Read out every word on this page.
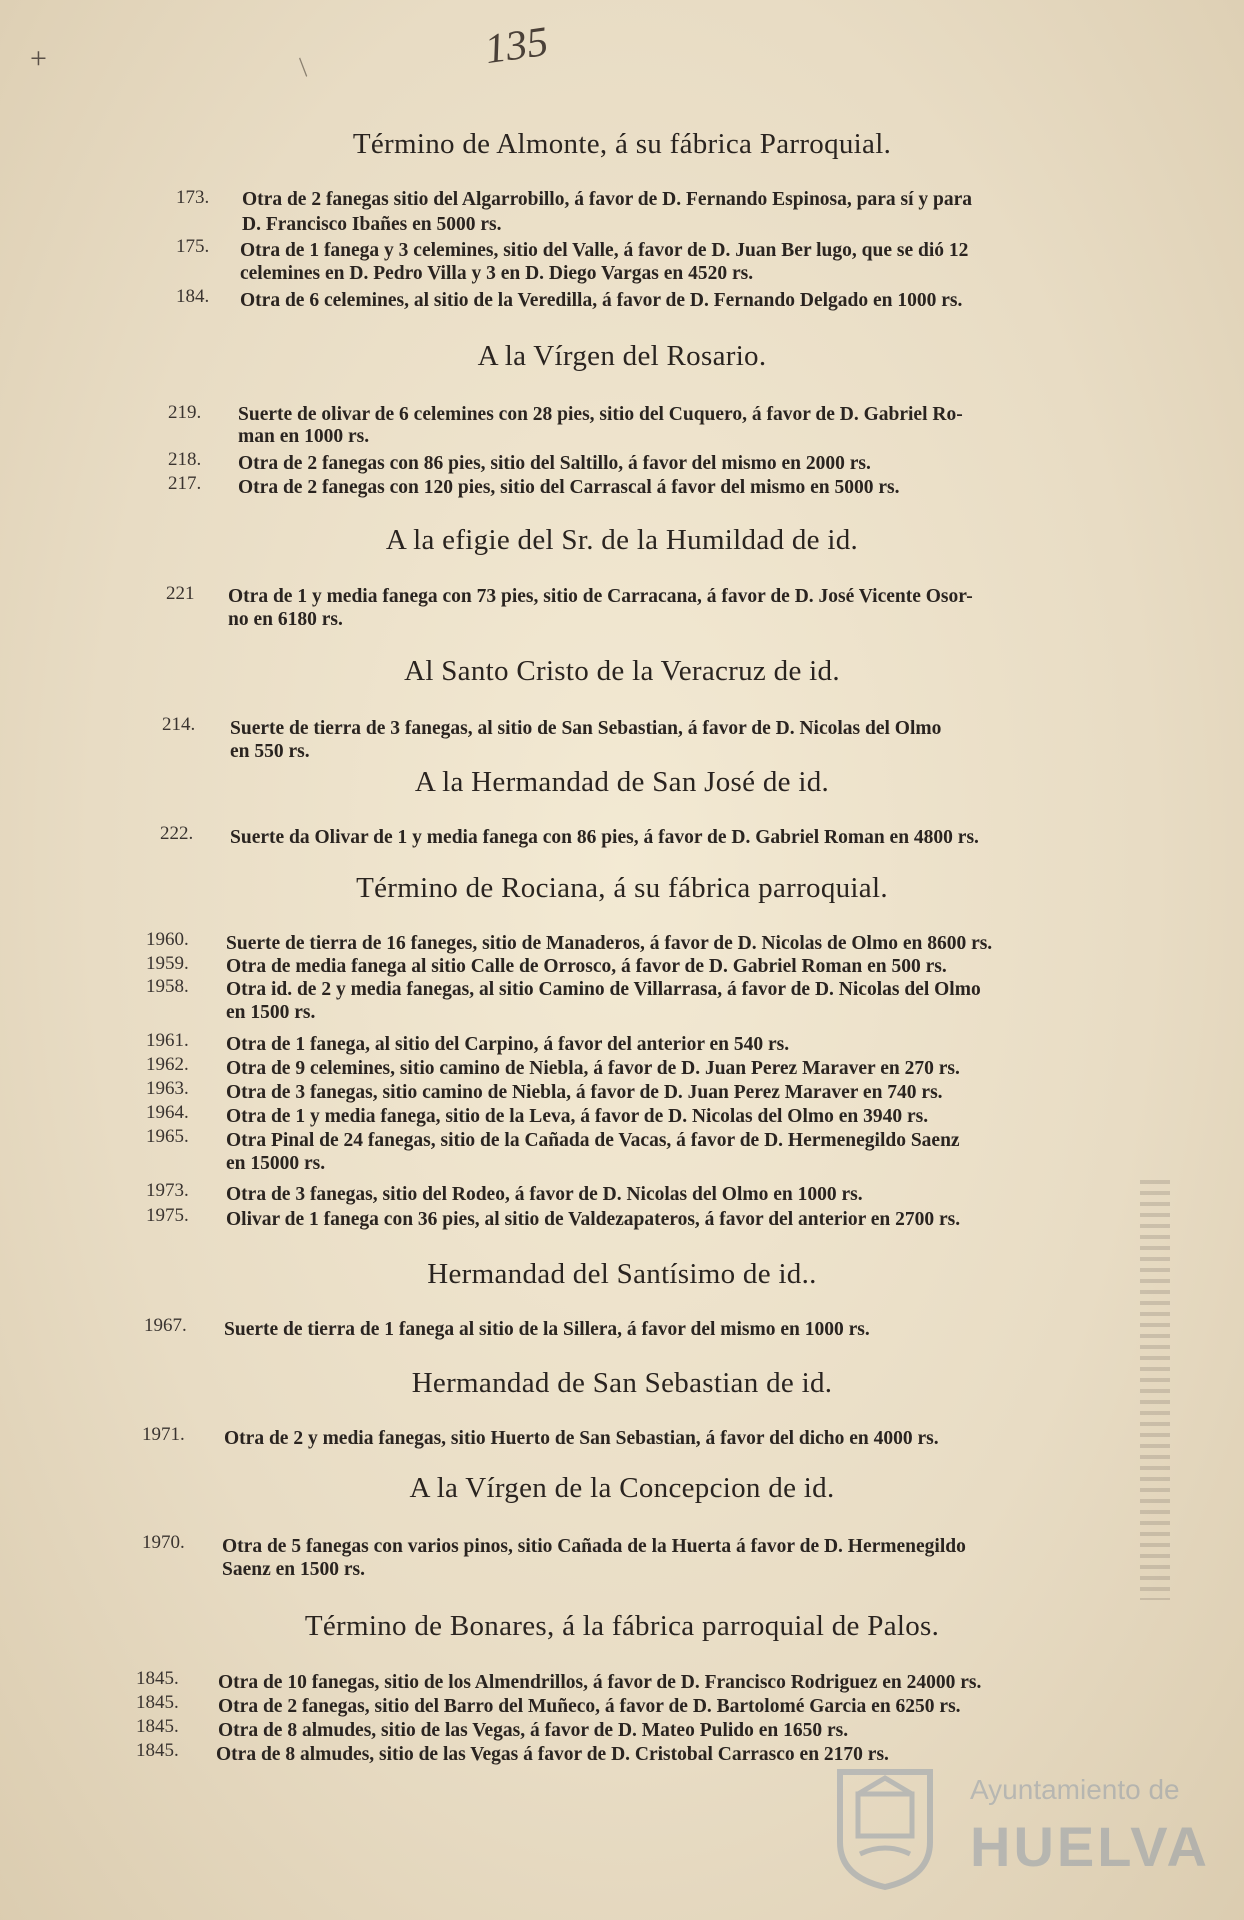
+	/	135
Término de Almonte, á su fábrica Parroquial.
A la Vírgen del Rosario.
A la efigie del Sr. de la Humildad de id.
Al Santo Cristo de la Veracruz de id.
A la Hermandad de San José de id.
Término de Rociana, á su fábrica parroquial.
Hermandad del Santísimo de id..
Hermandad de San Sebastian de id.
A la Vírgen de la Concepcion de id.
Término de Bonares, á la fábrica parroquial de Palos.
173. Otra de 2 fanegas sitio del Algarrobillo, á favor de D. Fernando Espinosa, para sí y para
D. Francisco Ibañes en 5000 rs.
175. Otra de 1 fanega y 3 celemines, sitio del Valle, á favor de D. Juan Ber lugo, que se dió 12
celemines en D. Pedro Villa y 3 en D. Diego Vargas en 4520 rs.
184. Otra de 6 celemines, al sitio de la Veredilla, á favor de D. Fernando Delgado en 1000 rs.
219. Suerte de olivar de 6 celemines con 28 pies, sitio del Cuquero, á favor de D. Gabriel Ro-
man en 1000 rs.
218. Otra de 2 fanegas con 86 pies, sitio del Saltillo, á favor del mismo en 2000 rs.
217. Otra de 2 fanegas con 120 pies, sitio del Carrascal á favor del mismo en 5000 rs.
221 Otra de 1 y media fanega con 73 pies, sitio de Carracana, á favor de D. José Vicente Osor-
no en 6180 rs.
214. Suerte de tierra de 3 fanegas, al sitio de San Sebastian, á favor de D. Nicolas del Olmo
en 550 rs.
222. Suerte da Olivar de 1 y media fanega con 86 pies, á favor de D. Gabriel Roman en 4800 rs.
1960. Suerte de tierra de 16 faneges, sitio de Manaderos, á favor de D. Nicolas de Olmo en 8600 rs.
1959. Otra de media fanega al sitio Calle de Orrosco, á favor de D. Gabriel Roman en 500 rs.
1958. Otra id. de 2 y media fanegas, al sitio Camino de Villarrasa, á favor de D. Nicolas del Olmo
en 1500 rs.
1961. Otra de 1 fanega, al sitio del Carpino, á favor del anterior en 540 rs.
1962. Otra de 9 celemines, sitio camino de Niebla, á favor de D. Juan Perez Maraver en 270 rs.
1963. Otra de 3 fanegas, sitio camino de Niebla, á favor de D. Juan Perez Maraver en 740 rs.
1964. Otra de 1 y media fanega, sitio de la Leva, á favor de D. Nicolas del Olmo en 3940 rs.
1965. Otra Pinal de 24 fanegas, sitio de la Cañada de Vacas, á favor de D. Hermenegildo Saenz
en 15000 rs.
1973. Otra de 3 fanegas, sitio del Rodeo, á favor de D. Nicolas del Olmo en 1000 rs.
1975. Olivar de 1 fanega con 36 pies, al sitio de Valdezapateros, á favor del anterior en 2700 rs.
1967. Suerte de tierra de 1 fanega al sitio de la Sillera, á favor del mismo en 1000 rs.
1971. Otra de 2 y media fanegas, sitio Huerto de San Sebastian, á favor del dicho en 4000 rs.
1970. Otra de 5 fanegas con varios pinos, sitio Cañada de la Huerta á favor de D. Hermenegildo
Saenz en 1500 rs.
1845. Otra de 10 fanegas, sitio de los Almendrillos, á favor de D. Francisco Rodriguez en 24000 rs.
1845. Otra de 2 fanegas, sitio del Barro del Muñeco, á favor de D. Bartolomé Garcia en 6250 rs.
1845. Otra de 8 almudes, sitio de las Vegas, á favor de D. Mateo Pulido en 1650 rs.
1845. Otra de 8 almudes, sitio de las Vegas á favor de D. Cristobal Carrasco en 2170 rs.
Ayuntamiento de
HUELVA
